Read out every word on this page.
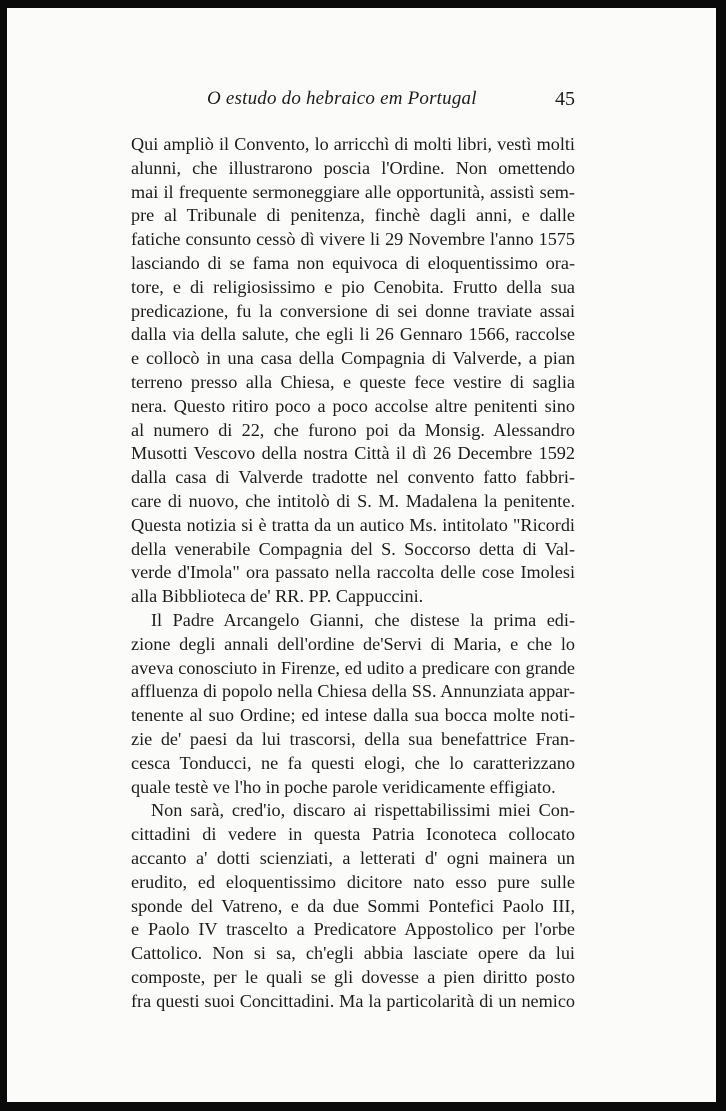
O estudo do hebraico em Portugal	45
Qui ampliò il Convento, lo arricchì di molti libri, vestì molti
alunni, che illustrarono poscia l'Ordine. Non omettendo
mai il frequente sermoneggiare alle opportunità, assistì sem-
pre al Tribunale di penitenza, finchè dagli anni, e dalle
fatiche consunto cessò dì vivere li 29 Novembre l'anno 1575
lasciando di se fama non equivoca di eloquentissimo ora-
tore, e di religiosissimo e pio Cenobita. Frutto della sua
predicazione, fu la conversione di sei donne traviate assai
dalla via della salute, che egli li 26 Gennaro 1566, raccolse
e collocò in una casa della Compagnia di Valverde, a pian
terreno presso alla Chiesa, e queste fece vestire di saglia
nera. Questo ritiro poco a poco accolse altre penitenti sino
al numero di 22, che furono poi da Monsig. Alessandro
Musotti Vescovo della nostra Città il dì 26 Decembre 1592
dalla casa di Valverde tradotte nel convento fatto fabbri-
care di nuovo, che intitolò di S. M. Madalena la penitente.
Questa notizia si è tratta da un autico Ms. intitolato "Ricordi
della venerabile Compagnia del S. Soccorso detta di Val-
verde d'Imola" ora passato nella raccolta delle cose Imolesi
alla Bibblioteca de' RR. PP. Cappuccini.
Il Padre Arcangelo Gianni, che distese la prima edi-
zione degli annali dell'ordine de'Servi di Maria, e che lo
aveva conosciuto in Firenze, ed udito a predicare con grande
affluenza di popolo nella Chiesa della SS. Annunziata appar-
tenente al suo Ordine; ed intese dalla sua bocca molte noti-
zie de' paesi da lui trascorsi, della sua benefattrice Fran-
cesca Tonducci, ne fa questi elogi, che lo caratterizzano
quale testè ve l'ho in poche parole veridicamente effigiato.
Non sarà, cred'io, discaro ai rispettabilissimi miei Con-
cittadini di vedere in questa Patria Iconoteca collocato
accanto a' dotti scienziati, a letterati d' ogni mainera un
erudito, ed eloquentissimo dicitore nato esso pure sulle
sponde del Vatreno, e da due Sommi Pontefici Paolo III,
e Paolo IV trascelto a Predicatore Appostolico per l'orbe
Cattolico. Non si sa, ch'egli abbia lasciate opere da lui
composte, per le quali se gli dovesse a pien diritto posto
fra questi suoi Concittadini. Ma la particolarità di un nemico
